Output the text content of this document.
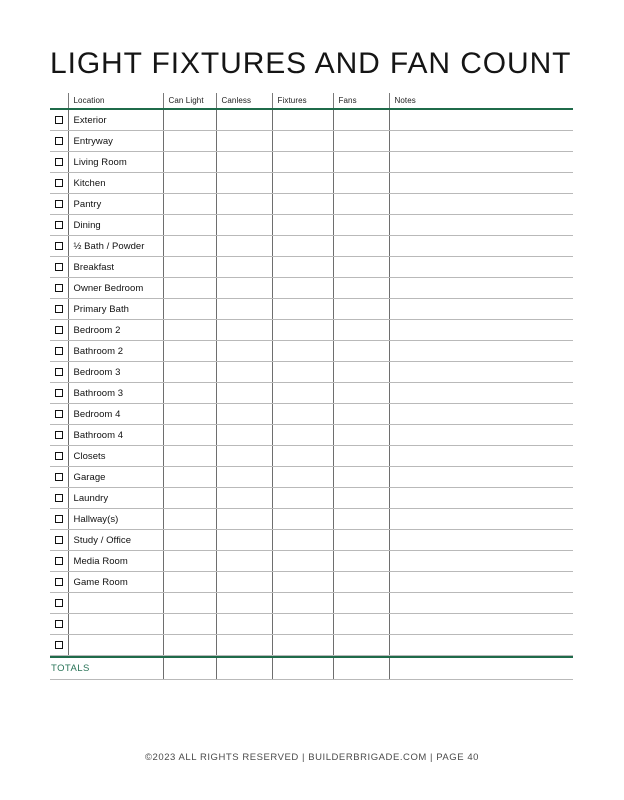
LIGHT FIXTURES AND FAN COUNT
	Location	Can Light	Canless	Fixtures	Fans	Notes

	Exterior					
	Entryway					
	Living Room					
	Kitchen					
	Pantry					
	Dining					
	½ Bath / Powder					
	Breakfast					
	Owner Bedroom					
	Primary Bath					
	Bedroom 2					
	Bathroom 2					
	Bedroom 3					
	Bathroom 3					
	Bedroom 4					
	Bathroom 4					
	Closets					
	Garage					
	Laundry					
	Hallway(s)					
	Study / Office					
	Media Room					
	Game Room					

TOTALS						
©2023 ALL RIGHTS RESERVED | BUILDERBRIGADE.COM | PAGE 40
